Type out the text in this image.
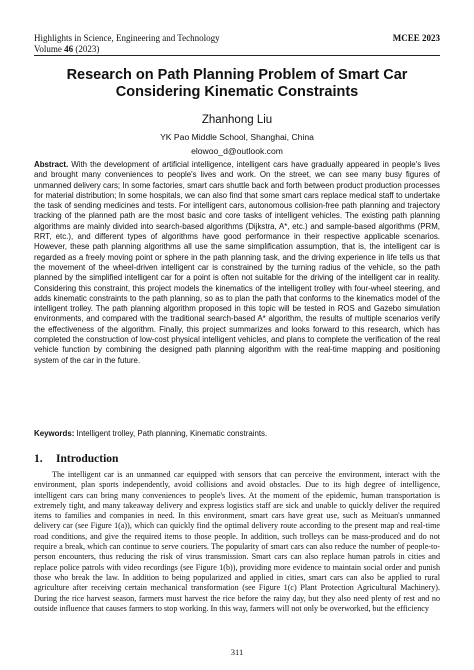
Highlights in Science, Engineering and Technology
Volume 46 (2023)
MCEE 2023
Research on Path Planning Problem of Smart Car Considering Kinematic Constraints
Zhanhong Liu
YK Pao Middle School, Shanghai, China
elowoo_d@outlook.com

Abstract. With the development of artificial intelligence, intelligent cars have gradually appeared in people's lives and brought many conveniences to people's lives and work. On the street, we can see many busy figures of unmanned delivery cars; In some factories, smart cars shuttle back and forth between product production processes for material distribution; In some hospitals, we can also find that some smart cars replace medical staff to undertake the task of sending medicines and tests. For intelligent cars, autonomous collision-free path planning and trajectory tracking of the planned path are the most basic and core tasks of intelligent vehicles. The existing path planning algorithms are mainly divided into search-based algorithms (Dijkstra, A*, etc.) and sample-based algorithms (PRM, RRT, etc.), and different types of algorithms have good performance in their respective applicable scenarios. However, these path planning algorithms all use the same simplification assumption, that is, the intelligent car is regarded as a freely moving point or sphere in the path planning task, and the driving experience in life tells us that the movement of the wheel-driven intelligent car is constrained by the turning radius of the vehicle, so the path planned by the simplified intelligent car for a point is often not suitable for the driving of the intelligent car in reality. Considering this constraint, this project models the kinematics of the intelligent trolley with four-wheel steering, and adds kinematic constraints to the path planning, so as to plan the path that conforms to the kinematics model of the intelligent trolley. The path planning algorithm proposed in this topic will be tested in ROS and Gazebo simulation environments, and compared with the traditional search-based A* algorithm, the results of multiple scenarios verify the effectiveness of the algorithm. Finally, this project summarizes and looks forward to this research, which has completed the construction of low-cost physical intelligent vehicles, and plans to complete the verification of the real vehicle function by combining the designed path planning algorithm with the real-time mapping and positioning system of the car in the future.

Keywords: Intelligent trolley, Path planning, Kinematic constraints.

1. Introduction

The intelligent car is an unmanned car equipped with sensors that can perceive the environment, interact with the environment, plan sports independently, avoid collisions and avoid obstacles. Due to its high degree of intelligence, intelligent cars can bring many conveniences to people's lives. At the moment of the epidemic, human transportation is extremely tight, and many takeaway delivery and express logistics staff are sick and unable to quickly deliver the required items to families and companies in need. In this environment, smart cars have great use, such as Meituan's unmanned delivery car (see Figure 1(a)), which can quickly find the optimal delivery route according to the present map and real-time road conditions, and give the required items to those people. In addition, such trolleys can be mass-produced and do not require a break, which can continue to serve couriers. The popularity of smart cars can also reduce the number of people-to-person encounters, thus reducing the risk of virus transmission. Smart cars can also replace human patrols in cities and replace police patrols with video recordings (see Figure 1(b)), providing more evidence to maintain social order and punish those who break the law. In addition to being popularized and applied in cities, smart cars can also be applied to rural agriculture after receiving certain mechanical transformation (see Figure 1(c) Plant Protection Agricultural Machinery). During the rice harvest season, farmers must harvest the rice before the rainy day, but they also need plenty of rest and no outside influence that causes farmers to stop working. In this way, farmers will not only be overworked, but the efficiency

311
